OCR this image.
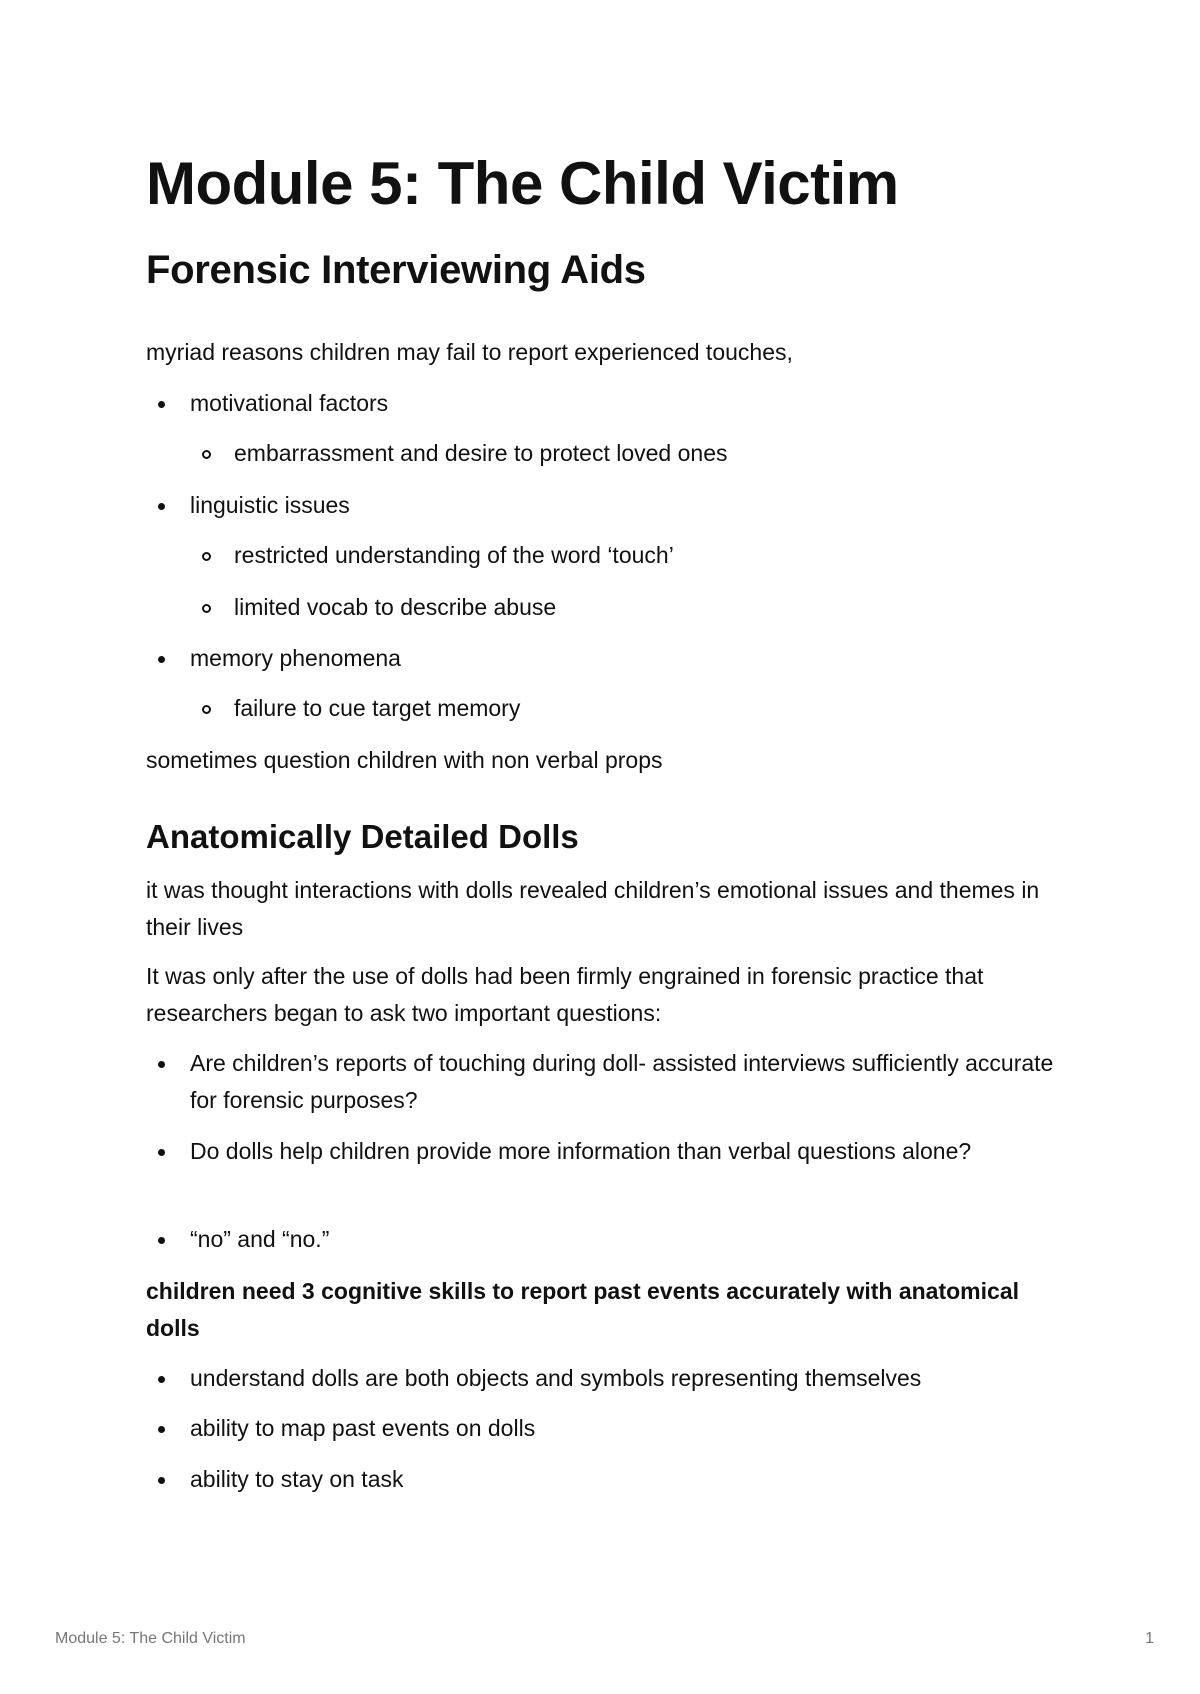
Module 5: The Child Victim
Forensic Interviewing Aids

myriad reasons children may fail to report experienced touches,

motivational factors
embarrassment and desire to protect loved ones
linguistic issues
restricted understanding of the word ‘touch’
limited vocab to describe abuse
memory phenomena
failure to cue target memory

sometimes question children with non verbal props

Anatomically Detailed Dolls

it was thought interactions with dolls revealed children’s emotional issues and themes in their lives

It was only after the use of dolls had been firmly engrained in forensic practice that researchers began to ask two important questions:

Are children’s reports of touching during doll- assisted interviews sufficiently accurate for forensic purposes?
Do dolls help children provide more information than verbal questions alone?
“no” and “no.”

children need 3 cognitive skills to report past events accurately with anatomical dolls

understand dolls are both objects and symbols representing themselves
ability to map past events on dolls
ability to stay on task
Module 5: The Child Victim	1
